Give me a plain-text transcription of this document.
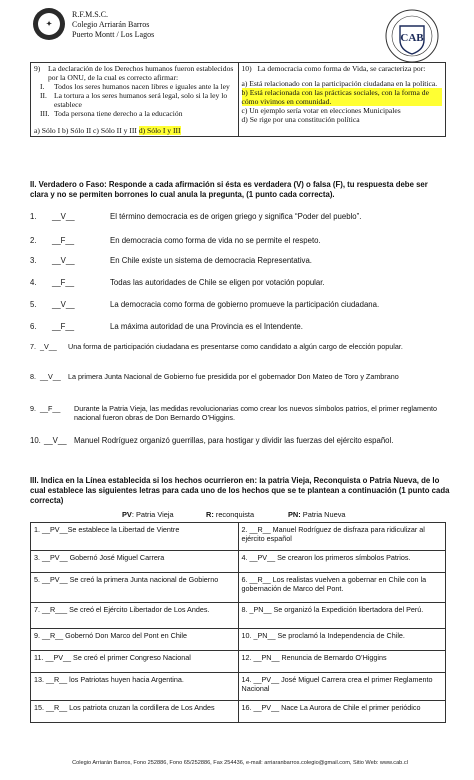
✦
R.F.M.S.C.
Colegio Arriarán Barros
Puerto Montt / Los Lagos	CAB
9)	La declaración de los Derechos humanos fueron establecidos por la ONU, de la cual es correcto afirmar:
I.	Todos los seres humanos nacen libres e iguales ante la ley
II. La tortura a los seres humanos será legal, solo si la ley lo establece
III. Toda persona tiene derecho a la educación
a) Sólo I b) Sólo II c) Sólo II y III d) Sólo I y III

10) La democracia como forma de Vida, se caracteriza por:
a) Está relacionado con la participación ciudadana en la política.
b) Está relacionada con las prácticas sociales, con la forma de cómo vivimos en comunidad.
c) Un ejemplo sería votar en elecciones Municipales
d) Se rige por una constitución política
II. Verdadero o Faso: Responde a cada afirmación si ésta es verdadera (V) o falsa (F), tu respuesta debe ser clara y no se permiten borrones lo cual anula la pregunta, (1 punto cada correcta).
1.	__V__	El término democracia es de origen griego y significa “Poder del pueblo”.
2.	__F__	En democracia como forma de vida no se permite el respeto.
3.	__V__	En Chile existe un sistema de democracia Representativa.
4.	__F__	Todas las autoridades de Chile se eligen por votación popular.
5.	__V__	La democracia como forma de gobierno promueve la participación ciudadana.
6.	__F__	La máxima autoridad de una Provincia es el Intendente.
7. _V__	Una forma de participación ciudadana es presentarse como candidato a algún cargo de elección popular.
8. __V__	La primera Junta Nacional de Gobierno fue presidida por el gobernador Don Mateo de Toro y Zambrano
9. __F__	Durante la Patria Vieja, las medidas revolucionarias como crear los nuevos símbolos patrios, el primer reglamento nacional fueron obras de Don Bernardo O’Higgins.
10. __V__ Manuel Rodríguez organizó guerrillas, para hostigar y dividir las fuerzas del ejército español.
III. Indica en la Línea establecida si los hechos ocurrieron en: la patria Vieja, Reconquista o Patria Nueva, de lo cual establece las siguientes letras para cada uno de los hechos que se te plantean a continuación (1 punto cada correcta)
PV: Patria Vieja	R: reconquista	PN: Patria Nueva
1. __PV__Se establece la Libertad de Vientre	2. __R__ Manuel Rodríguez de disfraza para ridiculizar al ejército español
3. __PV__ Gobernó José Miguel Carrera	4. __PV__ Se crearon los primeros símbolos Patrios.
5. __PV__ Se creó la primera Junta nacional de Gobierno	6. __R__ Los realistas vuelven a gobernar en Chile con la gobernación de Marco del Pont.
7. __R___ Se creó el Ejército Libertador de Los Andes.	8. _PN__ Se organizó la Expedición libertadora del Perú.
9. __R__ Gobernó Don Marco del Pont en Chile	10. _PN__ Se proclamó la Independencia de Chile.
11. __PV__ Se creó el primer Congreso Nacional	12. __PN__ Renuncia de Bernardo O’Higgins
13. __R__ los Patriotas huyen hacia Argentina.	14. __PV__ José Miguel Carrera crea el primer Reglamento Nacional
15. __R__ Los patriota cruzan la cordillera de Los Andes	16. __PV__ Nace La Aurora de Chile el primer periódico
Colegio Arriarán Barros, Fono 252886, Fono 65/252886, Fax 254436, e-mail: arriaranbarros.colegio@gmail.com, Sitio Web: www.cab.cl
